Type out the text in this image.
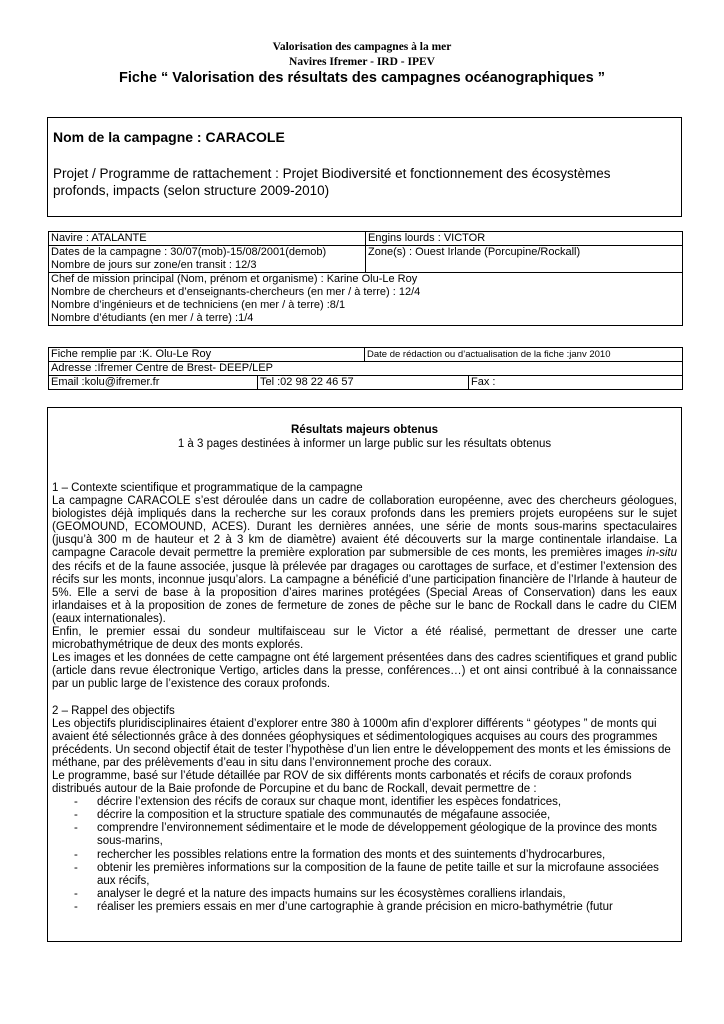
Valorisation des campagnes à la mer
Navires Ifremer - IRD - IPEV
Fiche “ Valorisation des résultats des campagnes océanographiques ”
Nom de la campagne : CARACOLE
Projet / Programme de rattachement : Projet Biodiversité et fonctionnement des écosystèmes
profonds, impacts (selon structure 2009-2010)
Navire : ATALANTE	Engins lourds : VICTOR

Dates de la campagne : 30/07(mob)-15/08/2001(demob)
Nombre de jours sur zone/en transit : 12/3	Zone(s) : Ouest Irlande (Porcupine/Rockall)

Chef de mission principal (Nom, prénom et organisme) : Karine Olu-Le Roy
Nombre de chercheurs et d’enseignants-chercheurs (en mer / à terre) : 12/4
Nombre d’ingénieurs et de techniciens (en mer / à terre) :8/1
Nombre d’étudiants (en mer / à terre) :1/4	
Fiche remplie par :K. Olu-Le Roy		Date de rédaction ou d’actualisation de la fiche :janv 2010	
Adresse :Ifremer Centre de Brest- DEEP/LEP			
Email :kolu@ifremer.fr	Tel :02 98 22 46 57		Fax :
Résultats majeurs obtenus
1 à 3 pages destinées à informer un large public sur les résultats obtenus

1 – Contexte scientifique et programmatique de la campagne

La campagne CARACOLE s’est déroulée dans un cadre de collaboration européenne, avec des chercheurs géologues, biologistes déjà impliqués dans la recherche sur les coraux profonds dans les premiers projets européens sur le sujet (GEOMOUND, ECOMOUND, ACES). Durant les dernières années, une série de monts sous-marins spectaculaires (jusqu’à 300 m de hauteur et 2 à 3 km de diamètre) avaient été découverts sur la marge continentale irlandaise. La campagne Caracole devait permettre la première exploration par submersible de ces monts, les premières images in-situ des récifs et de la faune associée, jusque là prélevée par dragages ou carottages de surface, et d’estimer l’extension des récifs sur les monts, inconnue jusqu’alors. La campagne a bénéficié d’une participation financière de l’Irlande à hauteur de 5%. Elle a servi de base à la proposition d’aires marines protégées (Special Areas of Conservation) dans les eaux irlandaises et à la proposition de zones de fermeture de zones de pêche sur le banc de Rockall dans le cadre du CIEM (eaux internationales).

Enfin, le premier essai du sondeur multifaisceau sur le Victor a été réalisé, permettant de dresser une carte microbathymétrique de deux des monts explorés.

Les images et les données de cette campagne ont été largement présentées dans des cadres scientifiques et grand public (article dans revue électronique Vertigo, articles dans la presse, conférences…) et ont ainsi contribué à la connaissance par un public large de l’existence des coraux profonds.

2 – Rappel des objectifs

Les objectifs pluridisciplinaires étaient d’explorer entre 380 à 1000m afin d’explorer différents “ géotypes ” de monts qui avaient été sélectionnés grâce à des données géophysiques et sédimentologiques acquises au cours des programmes précédents. Un second objectif était de tester l’hypothèse d’un lien entre le développement des monts et les émissions de méthane, par des prélèvements d’eau in situ dans l’environnement proche des coraux.

Le programme, basé sur l’étude détaillée par ROV de six différents monts carbonatés et récifs de coraux profonds distribués autour de la Baie profonde de Porcupine et du banc de Rockall, devait permettre de :

- décrire l’extension des récifs de coraux sur chaque mont, identifier les espèces fondatrices,
- décrire la composition et la structure spatiale des communautés de mégafaune associée,
- comprendre l’environnement sédimentaire et le mode de développement géologique de la province des monts sous-marins,
- rechercher les possibles relations entre la formation des monts et des suintements d’hydrocarbures,
- obtenir les premières informations sur la composition de la faune de petite taille et sur la microfaune associées aux récifs,
- analyser le degré et la nature des impacts humains sur les écosystèmes coralliens irlandais,
- réaliser les premiers essais en mer d’une cartographie à grande précision en micro-bathymétrie (futur
